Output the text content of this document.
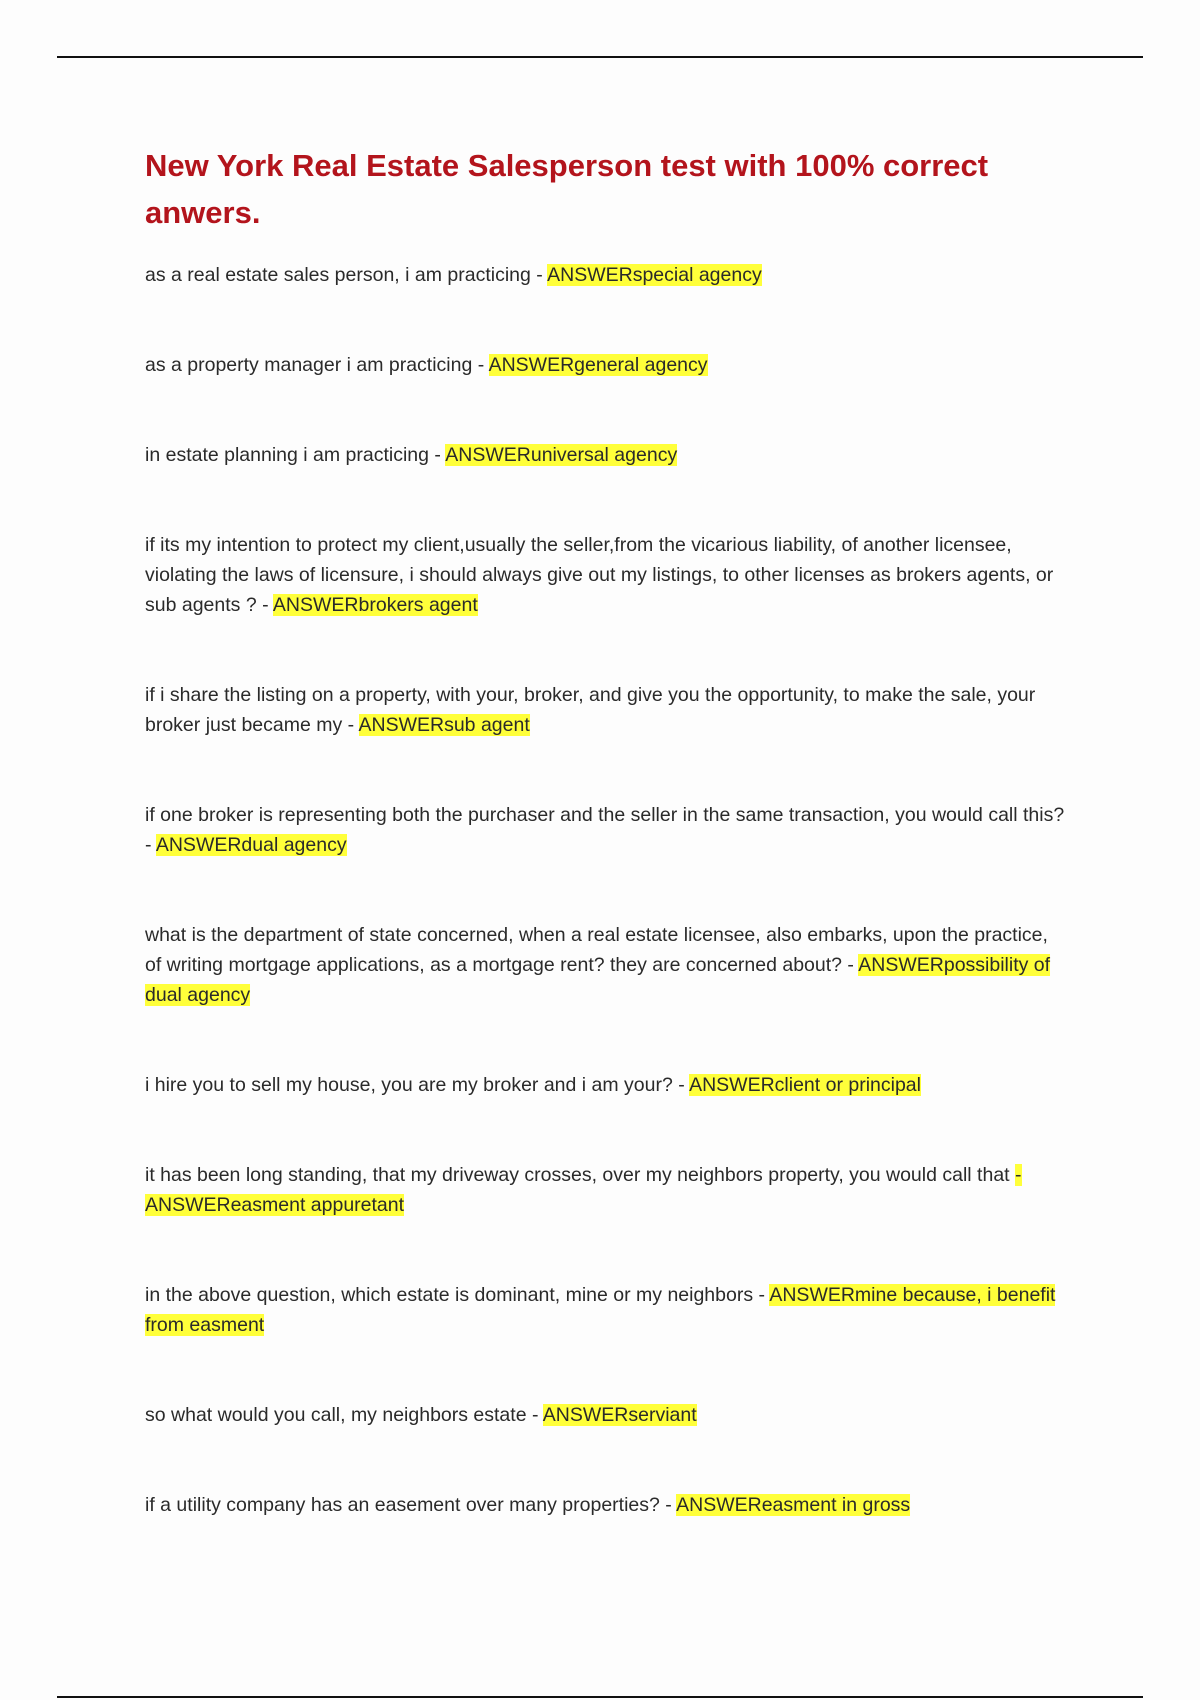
New York Real Estate Salesperson test with 100% correct anwers.

as a real estate sales person, i am practicing - ANSWERspecial agency

as a property manager i am practicing - ANSWERgeneral agency

in estate planning i am practicing - ANSWERuniversal agency

if its my intention to protect my client,usually the seller,from the vicarious liability, of another licensee, violating the laws of licensure, i should always give out my listings, to other licenses as brokers agents, or sub agents ? - ANSWERbrokers agent

if i share the listing on a property, with your, broker, and give you the opportunity, to make the sale, your broker just became my - ANSWERsub agent

if one broker is representing both the purchaser and the seller in the same transaction, you would call this? - ANSWERdual agency

what is the department of state concerned, when a real estate licensee, also embarks, upon the practice, of writing mortgage applications, as a mortgage rent? they are concerned about? - ANSWERpossibility of dual agency

i hire you to sell my house, you are my broker and i am your? - ANSWERclient or principal

it has been long standing, that my driveway crosses, over my neighbors property, you would call that - ANSWEReasment appuretant

in the above question, which estate is dominant, mine or my neighbors - ANSWERmine because, i benefit from easment

so what would you call, my neighbors estate - ANSWERserviant

if a utility company has an easement over many properties? - ANSWEReasment in gross
